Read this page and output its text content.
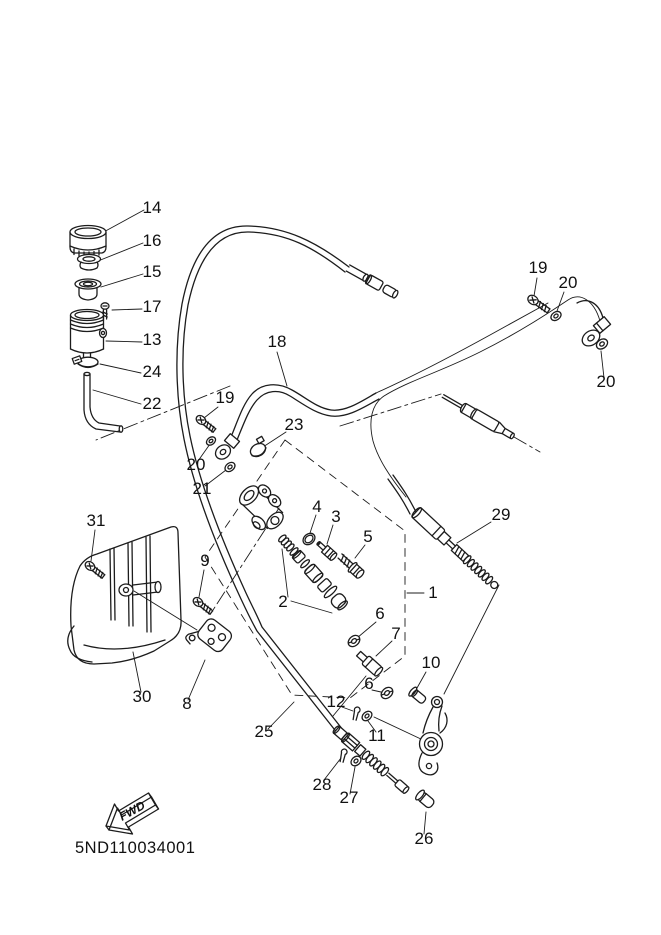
FWD
5ND110034001
14
16
15
17
13
24
22
18
19
20
21
23
19
20
20
31
9
30 8
4
3
5
2	1
6
7
6
10
12
11
29
25
28
27
26
